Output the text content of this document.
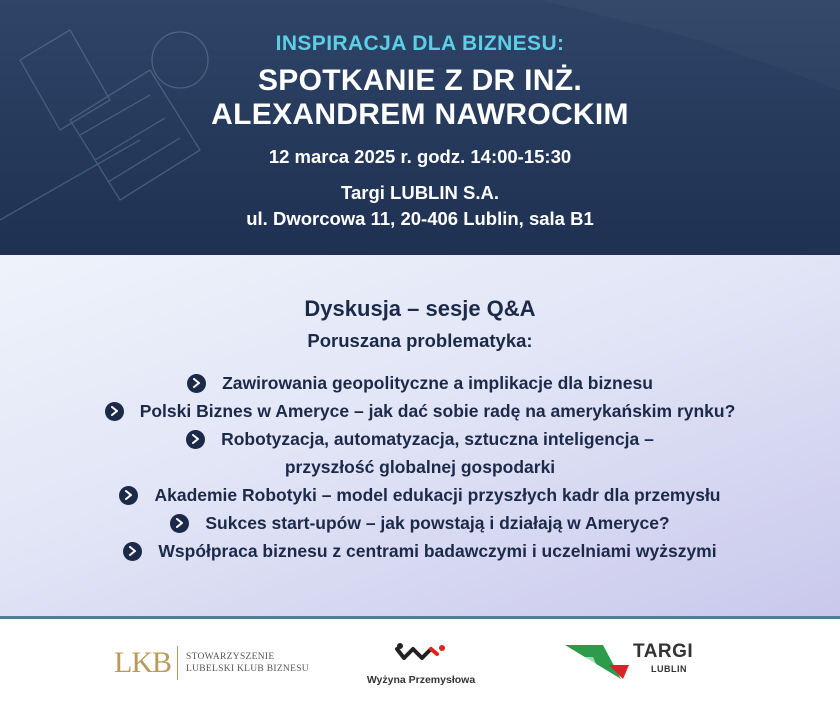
INSPIRACJA DLA BIZNESU:
SPOTKANIE Z DR INŻ.
ALEXANDREM NAWROCKIM
12 marca 2025 r. godz. 14:00-15:30
Targi LUBLIN S.A.
ul. Dworcowa 11, 20-406 Lublin, sala B1
Dyskusja – sesje Q&A
Poruszana problematyka:
Zawirowania geopolityczne a implikacje dla biznesu
Polski Biznes w Ameryce – jak dać sobie radę na amerykańskim rynku?
Robotyzacja, automatyzacja, sztuczna inteligencja –
przyszłość globalnej gospodarki
Akademie Robotyki – model edukacji przyszłych kadr dla przemysłu
Sukces start-upów – jak powstają i działają w Ameryce?
Współpraca biznesu z centrami badawczymi i uczelniami wyższymi
LKB STOWARZYSZENIE
LUBELSKI KLUB BIZNESU
Wyżyna Przemysłowa
TARGI
LUBLIN
